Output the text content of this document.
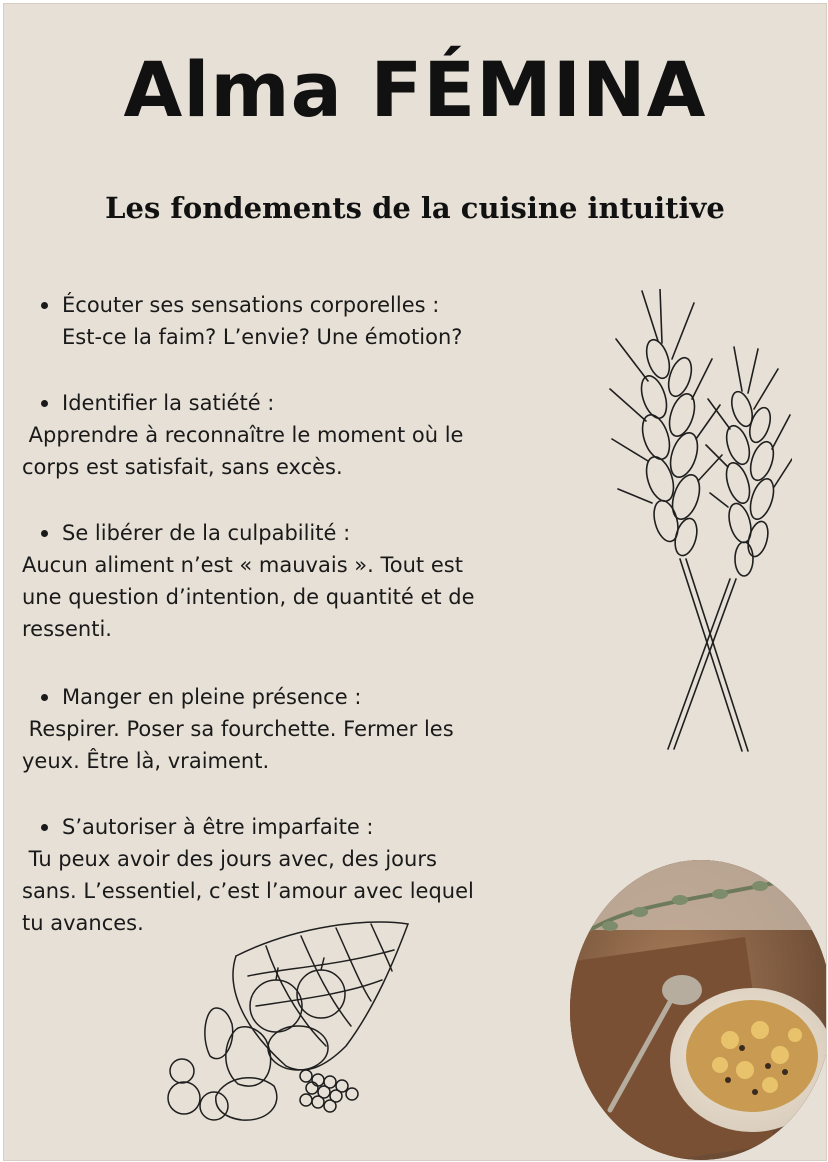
Alma FÉMINA
Les fondements de la cuisine intuitive
Écouter ses sensations corporelles :
Est-ce la faim? L’envie? Une émotion?
Identifier la satiété :
Apprendre à reconnaître le moment où le
corps est satisfait, sans excès.
Se libérer de la culpabilité :
Aucun aliment n’est « mauvais ». Tout est
une question d’intention, de quantité et de
ressenti.
Manger en pleine présence :
Respirer. Poser sa fourchette. Fermer les
yeux. Être là, vraiment.
S’autoriser à être imparfaite :
Tu peux avoir des jours avec, des jours
sans. L’essentiel, c’est l’amour avec lequel
tu avances.
